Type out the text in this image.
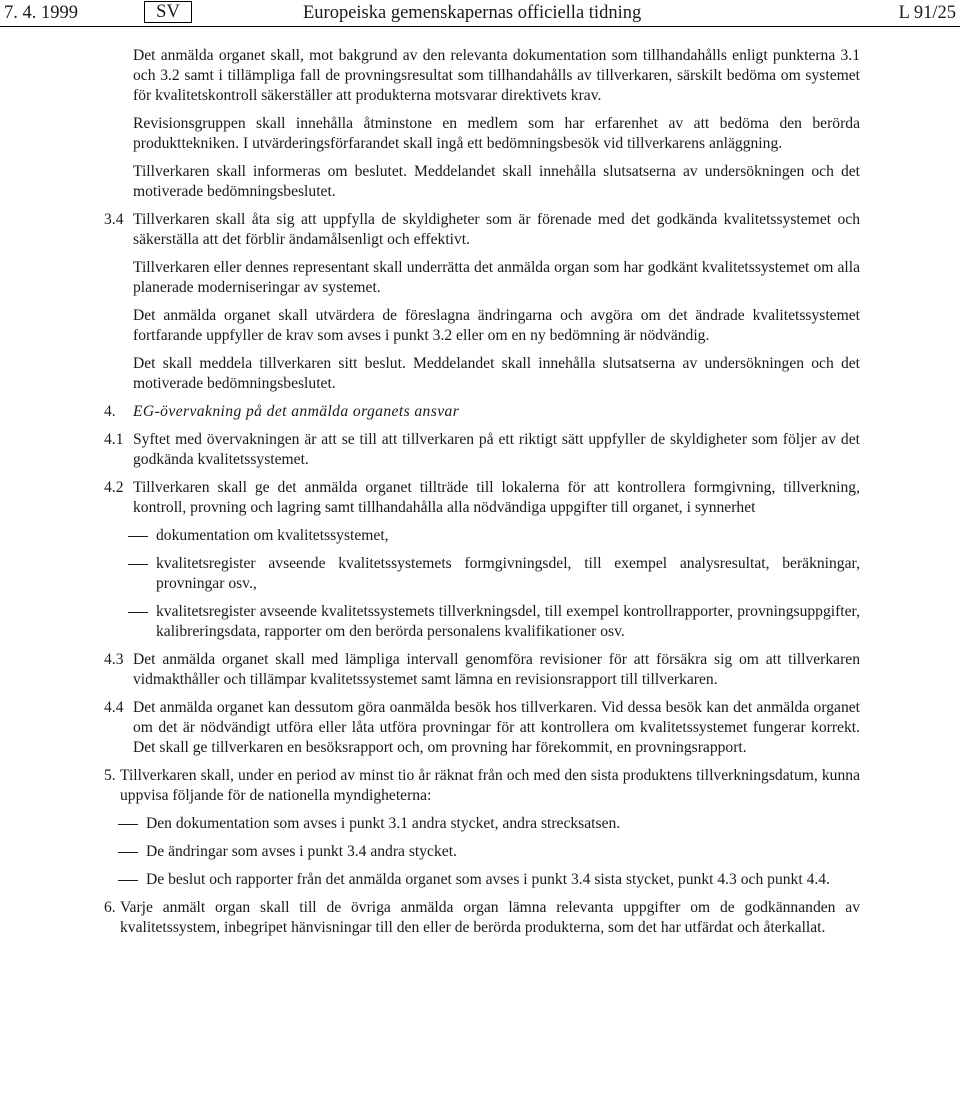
7. 4. 1999	SV	Europeiska gemenskapernas officiella tidning	L 91/25

Det anmälda organet skall, mot bakgrund av den relevanta dokumentation som tillhandahålls enligt punkterna 3.1 och 3.2 samt i tillämpliga fall de provningsresultat som tillhandahålls av tillverkaren, särskilt bedöma om systemet för kvalitetskontroll säkerställer att produkterna motsvarar direktivets krav.

Revisionsgruppen skall innehålla åtminstone en medlem som har erfarenhet av att bedöma den berörda produkttekniken. I utvärderingsförfarandet skall ingå ett bedömningsbesök vid tillverkarens anläggning.

Tillverkaren skall informeras om beslutet. Meddelandet skall innehålla slutsatserna av undersökningen och det motiverade bedömningsbeslutet.

3.4 Tillverkaren skall åta sig att uppfylla de skyldigheter som är förenade med det godkända kvalitetssystemet och säkerställa att det förblir ändamålsenligt och effektivt.

Tillverkaren eller dennes representant skall underrätta det anmälda organ som har godkänt kvalitetssystemet om alla planerade moderniseringar av systemet.

Det anmälda organet skall utvärdera de föreslagna ändringarna och avgöra om det ändrade kvalitetssystemet fortfarande uppfyller de krav som avses i punkt 3.2 eller om en ny bedömning är nödvändig.

Det skall meddela tillverkaren sitt beslut. Meddelandet skall innehålla slutsatserna av undersökningen och det motiverade bedömningsbeslutet.

4. EG-övervakning på det anmälda organets ansvar
4.1 Syftet med övervakningen är att se till att tillverkaren på ett riktigt sätt uppfyller de skyldigheter som följer av det godkända kvalitetssystemet.
4.2 Tillverkaren skall ge det anmälda organet tillträde till lokalerna för att kontrollera formgivning, tillverkning, kontroll, provning och lagring samt tillhandahålla alla nödvändiga uppgifter till organet, i synnerhet
dokumentation om kvalitetssystemet,
kvalitetsregister avseende kvalitetssystemets formgivningsdel, till exempel analysresultat, beräkningar, provningar osv.,
kvalitetsregister avseende kvalitetssystemets tillverkningsdel, till exempel kontrollrapporter, provningsuppgifter, kalibreringsdata, rapporter om den berörda personalens kvalifikationer osv.
4.3 Det anmälda organet skall med lämpliga intervall genomföra revisioner för att försäkra sig om att tillverkaren vidmakthåller och tillämpar kvalitetssystemet samt lämna en revisionsrapport till tillverkaren.
4.4 Det anmälda organet kan dessutom göra oanmälda besök hos tillverkaren. Vid dessa besök kan det anmälda organet om det är nödvändigt utföra eller låta utföra provningar för att kontrollera om kvalitetssystemet fungerar korrekt. Det skall ge tillverkaren en besöksrapport och, om provning har förekommit, en provningsrapport.
5. Tillverkaren skall, under en period av minst tio år räknat från och med den sista produktens tillverkningsdatum, kunna uppvisa följande för de nationella myndigheterna:
Den dokumentation som avses i punkt 3.1 andra stycket, andra strecksatsen.
De ändringar som avses i punkt 3.4 andra stycket.
De beslut och rapporter från det anmälda organet som avses i punkt 3.4 sista stycket, punkt 4.3 och punkt 4.4.
6. Varje anmält organ skall till de övriga anmälda organ lämna relevanta uppgifter om de godkännanden av kvalitetssystem, inbegripet hänvisningar till den eller de berörda produkterna, som det har utfärdat och återkallat.
